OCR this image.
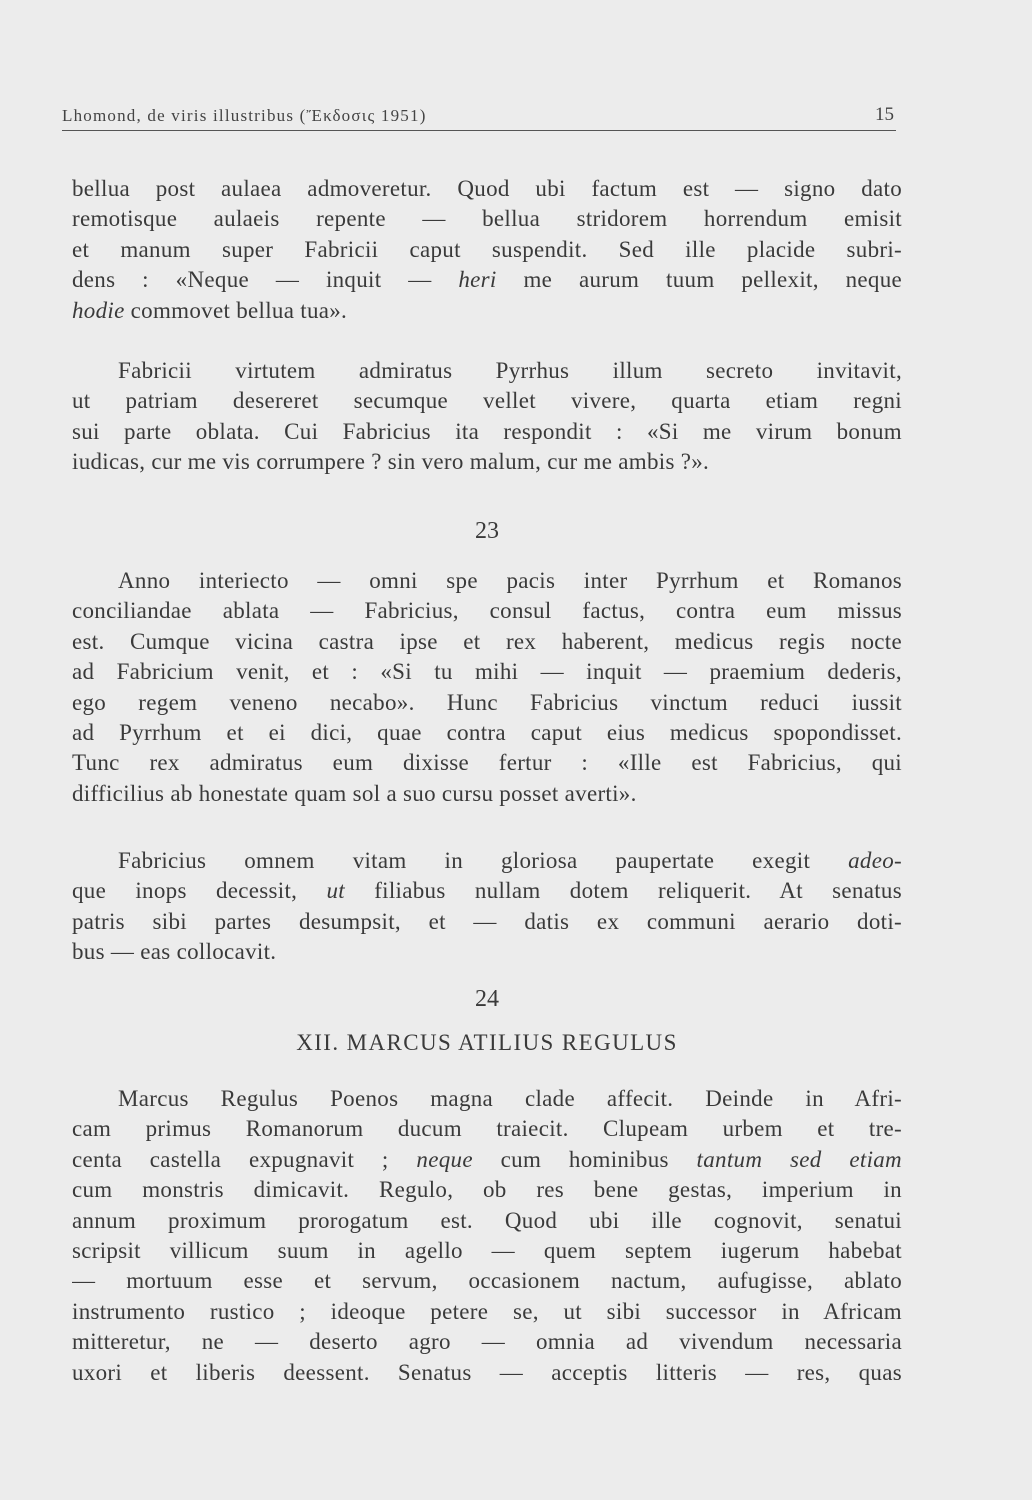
Lhomond, de viris illustribus (Ἔκδοσις 1951)	15
bellua post aulaea admoveretur. Quod ubi factum est — signo dato
remotisque aulaeis repente — bellua stridorem horrendum emisit
et manum super Fabricii caput suspendit. Sed ille placide subri-
dens : «Neque — inquit — heri me aurum tuum pellexit, neque
hodie commovet bellua tua».
Fabricii virtutem admiratus Pyrrhus illum secreto invitavit,
ut patriam desereret secumque vellet vivere, quarta etiam regni
sui parte oblata. Cui Fabricius ita respondit : «Si me virum bonum
iudicas, cur me vis corrumpere ? sin vero malum, cur me ambis ?».
23
Anno interiecto — omni spe pacis inter Pyrrhum et Romanos
conciliandae ablata — Fabricius, consul factus, contra eum missus
est. Cumque vicina castra ipse et rex haberent, medicus regis nocte
ad Fabricium venit, et : «Si tu mihi — inquit — praemium dederis,
ego regem veneno necabo». Hunc Fabricius vinctum reduci iussit
ad Pyrrhum et ei dici, quae contra caput eius medicus spopondisset.
Tunc rex admiratus eum dixisse fertur : «Ille est Fabricius, qui
difficilius ab honestate quam sol a suo cursu posset averti».
Fabricius omnem vitam in gloriosa paupertate exegit adeo-
que inops decessit, ut filiabus nullam dotem reliquerit. At senatus
patris sibi partes desumpsit, et — datis ex communi aerario doti-
bus — eas collocavit.
24
XII. MARCUS ATILIUS REGULUS
Marcus Regulus Poenos magna clade affecit. Deinde in Afri-
cam primus Romanorum ducum traiecit. Clupeam urbem et tre-
centa castella expugnavit ; neque cum hominibus tantum sed etiam
cum monstris dimicavit. Regulo, ob res bene gestas, imperium in
annum proximum prorogatum est. Quod ubi ille cognovit, senatui
scripsit villicum suum in agello — quem septem iugerum habebat
— mortuum esse et servum, occasionem nactum, aufugisse, ablato
instrumento rustico ; ideoque petere se, ut sibi successor in Africam
mitteretur, ne — deserto agro — omnia ad vivendum necessaria
uxori et liberis deessent. Senatus — acceptis litteris — res, quas
